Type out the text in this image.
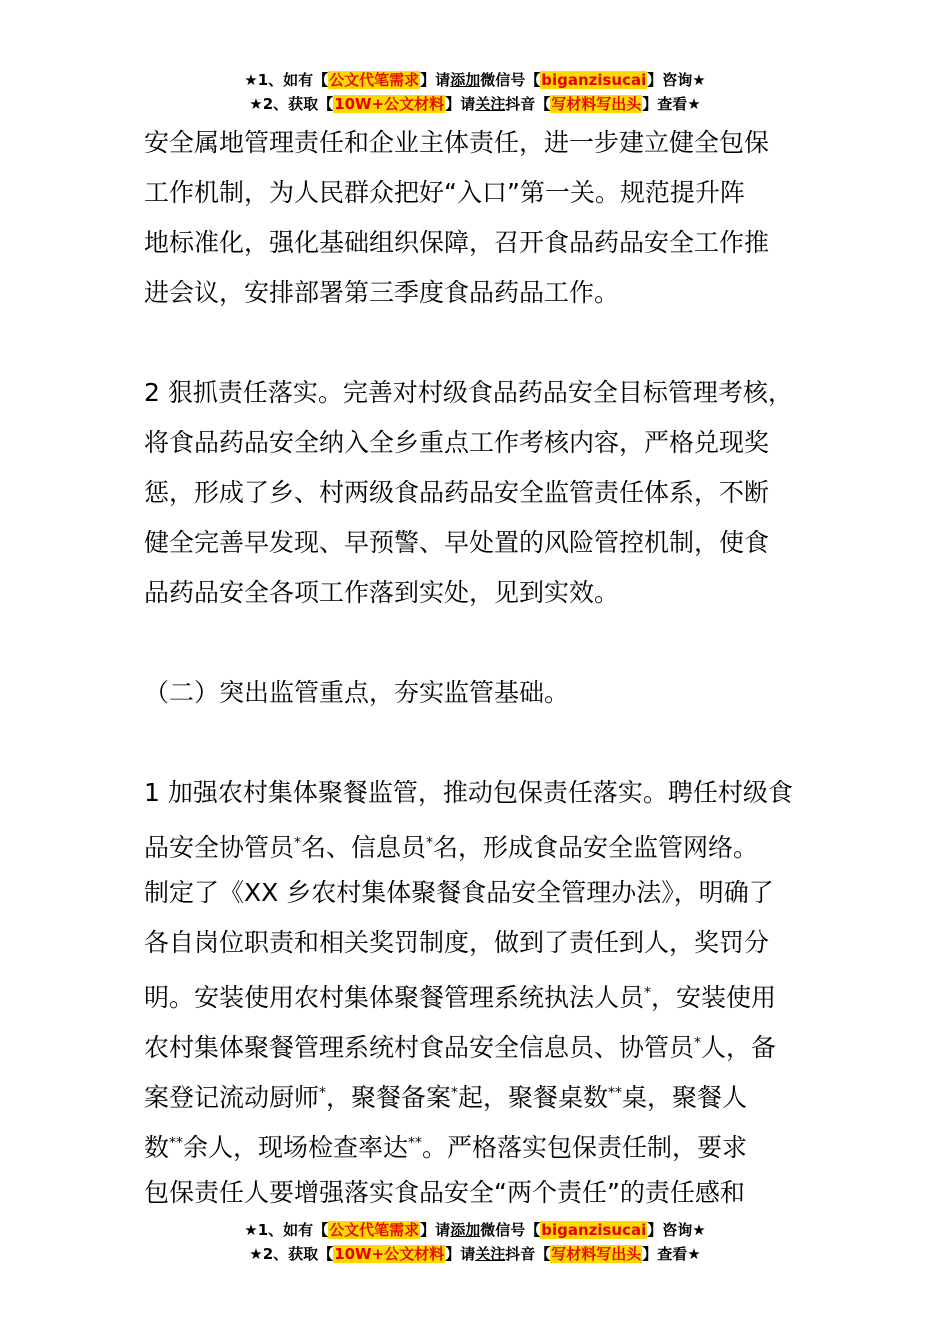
★1、如有【公文代笔需求】请添加微信号【biganzisucai】咨询★
★2、获取【10W+公文材料】请关注抖音【写材料写出头】查看★
安全属地管理责任和企业主体责任，进一步建立健全包保
工作机制，为人民群众把好“入口”第一关。规范提升阵
地标准化，强化基础组织保障，召开食品药品安全工作推
进会议，安排部署第三季度食品药品工作。
2 狠抓责任落实。完善对村级食品药品安全目标管理考核，
将食品药品安全纳入全乡重点工作考核内容，严格兑现奖
惩，形成了乡、村两级食品药品安全监管责任体系，不断
健全完善早发现、早预警、早处置的风险管控机制，使食
品药品安全各项工作落到实处，见到实效。
（二）突出监管重点，夯实监管基础。
1 加强农村集体聚餐监管，推动包保责任落实。聘任村级食
品安全协管员*名、信息员*名，形成食品安全监管网络。
制定了《XX 乡农村集体聚餐食品安全管理办法》，明确了
各自岗位职责和相关奖罚制度，做到了责任到人，奖罚分
明。安装使用农村集体聚餐管理系统执法人员*，安装使用
农村集体聚餐管理系统村食品安全信息员、协管员*人，备
案登记流动厨师*，聚餐备案*起，聚餐桌数**桌，聚餐人
数**余人，现场检查率达**。严格落实包保责任制，要求
包保责任人要增强落实食品安全“两个责任”的责任感和
★1、如有【公文代笔需求】请添加微信号【biganzisucai】咨询★
★2、获取【10W+公文材料】请关注抖音【写材料写出头】查看★
